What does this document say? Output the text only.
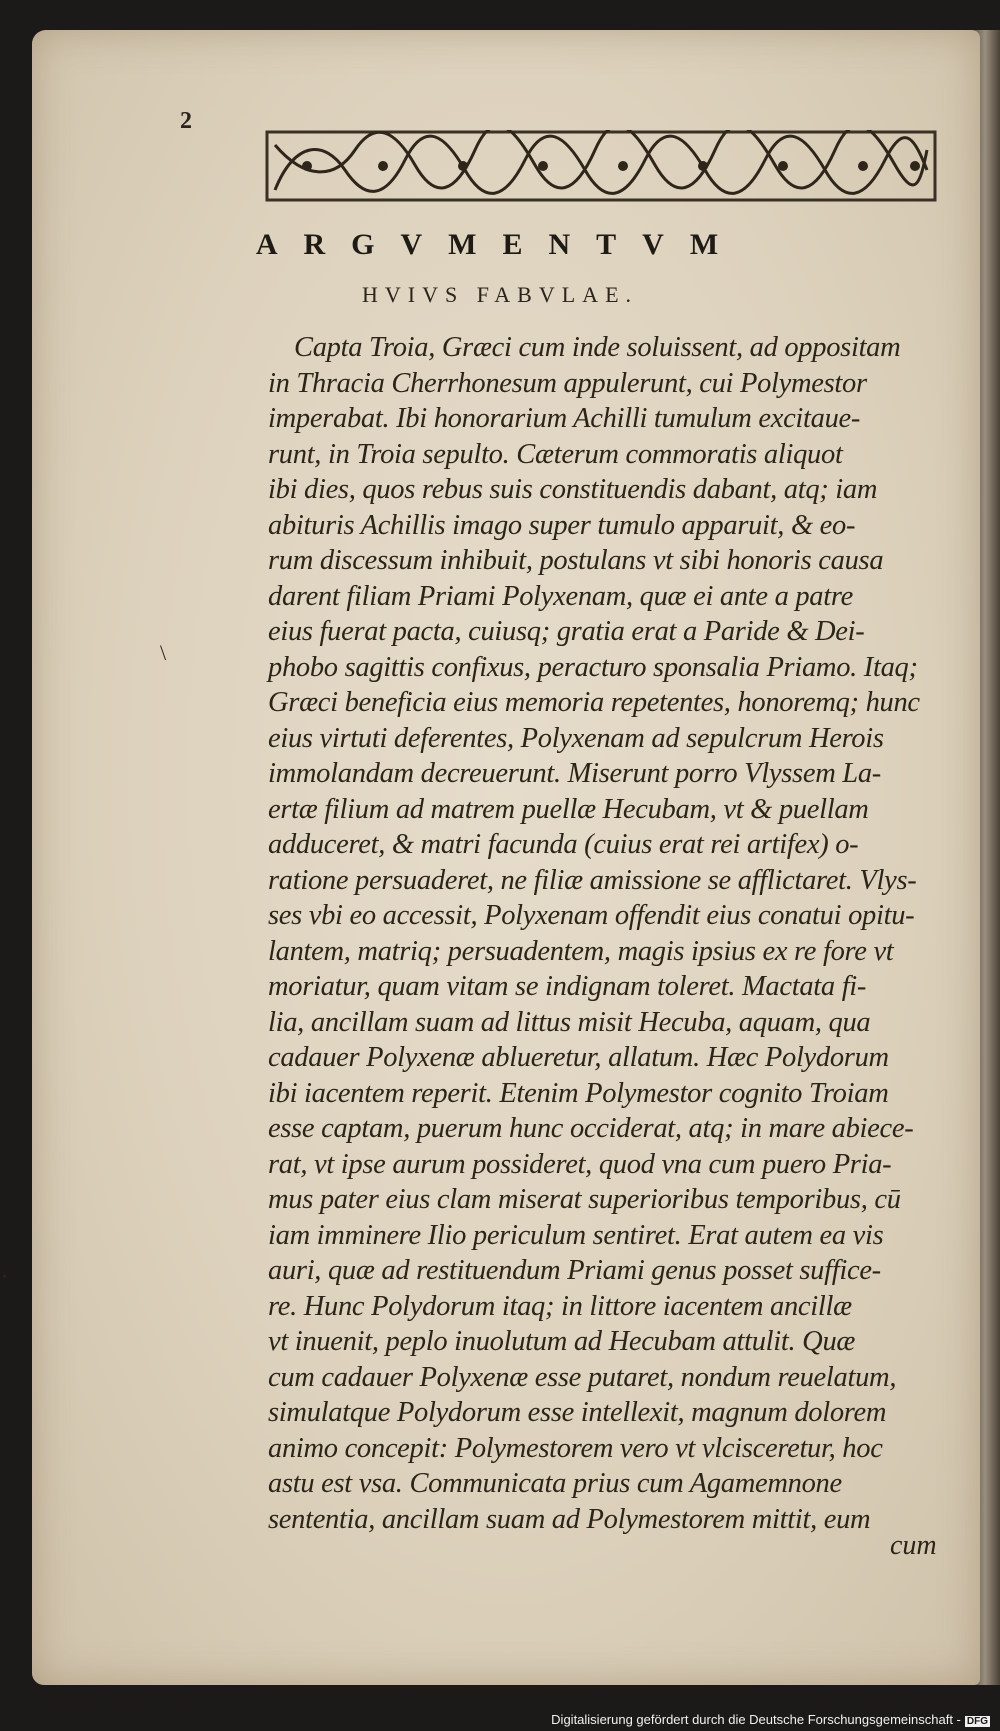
2
ARGVMENTVM
HVIVS FABVLAE.
Capta Troia, Græci cum inde soluissent, ad oppositam
in Thracia Cherrhonesum appulerunt, cui Polymestor
imperabat. Ibi honorarium Achilli tumulum excitaue-
runt, in Troia sepulto. Cæterum commoratis aliquot
ibi dies, quos rebus suis constituendis dabant, atq; iam
abituris Achillis imago super tumulo apparuit, & eo-
rum discessum inhibuit, postulans vt sibi honoris causa
darent filiam Priami Polyxenam, quæ ei ante a patre
eius fuerat pacta, cuiusq; gratia erat a Paride & Dei-
phobo sagittis confixus, peracturo sponsalia Priamo. Itaq;
Græci beneficia eius memoria repetentes, honoremq; hunc
eius virtuti deferentes, Polyxenam ad sepulcrum Herois
immolandam decreuerunt. Miserunt porro Vlyssem La-
ertæ filium ad matrem puellæ Hecubam, vt & puellam
adduceret, & matri facunda (cuius erat rei artifex) o-
ratione persuaderet, ne filiæ amissione se afflictaret. Vlys-
ses vbi eo accessit, Polyxenam offendit eius conatui opitu-
lantem, matriq; persuadentem, magis ipsius ex re fore vt
moriatur, quam vitam se indignam toleret. Mactata fi-
lia, ancillam suam ad littus misit Hecuba, aquam, qua
cadauer Polyxenæ ablueretur, allatum. Hæc Polydorum
ibi iacentem reperit. Etenim Polymestor cognito Troiam
esse captam, puerum hunc occiderat, atq; in mare abiece-
rat, vt ipse aurum possideret, quod vna cum puero Pria-
mus pater eius clam miserat superioribus temporibus, cū
iam imminere Ilio periculum sentiret. Erat autem ea vis
auri, quæ ad restituendum Priami genus posset suffice-
re. Hunc Polydorum itaq; in littore iacentem ancillæ
vt inuenit, peplo inuolutum ad Hecubam attulit. Quæ
cum cadauer Polyxenæ esse putaret, nondum reuelatum,
simulatque Polydorum esse intellexit, magnum dolorem
animo concepit: Polymestorem vero vt vlcisceretur, hoc
astu est vsa. Communicata prius cum Agamemnone
sententia, ancillam suam ad Polymestorem mittit, eum
cum
\
•
Digitalisierung gefördert durch die Deutsche Forschungsgemeinschaft - DFG
